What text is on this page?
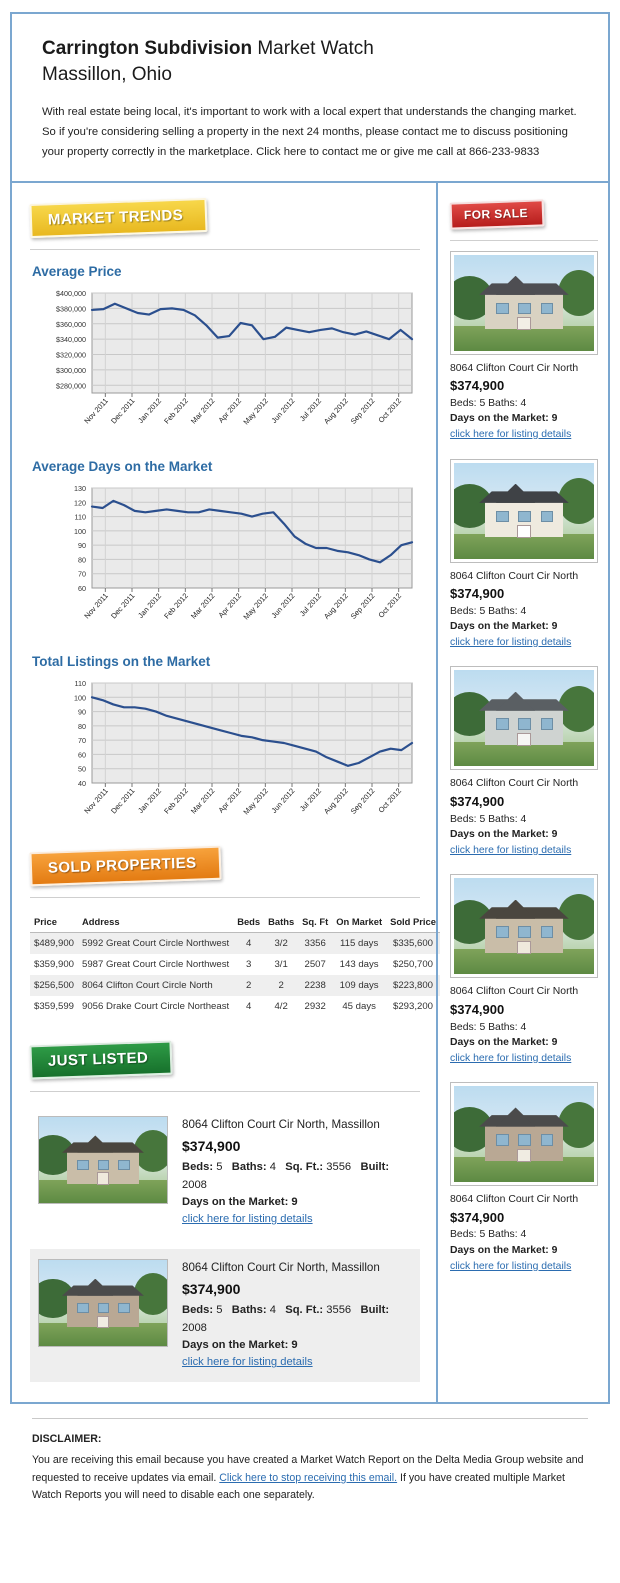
Carrington Subdivision Market Watch
Massillon, Ohio

With real estate being local, it's important to work with a local expert that understands the changing market. So if you're considering selling a property in the next 24 months, please contact me to discuss positioning your property correctly in the marketplace. Click here to contact me or give me call at 866-233-9833

MARKET TRENDS
Average Price
$280,000
$300,000
$320,000
$340,000
$360,000
$380,000
$400,000
Nov 2011 Dec 2011 Jan 2012 Feb 2012 Mar 2012 Apr 2012
May 2012 Jun 2012 Jul 2012
Aug 2012
Sep 2012 Oct 2012
Average Days on the Market
60
70
80
90
100
110
120
130
Nov 2011 Dec 2011 Jan 2012 Feb 2012 Mar 2012 Apr 2012
May 2012 Jun 2012 Jul 2012
Aug 2012
Sep 2012 Oct 2012
Total Listings on the Market
40
50
60
70
80
90
100
110
Nov 2011 Dec 2011 Jan 2012 Feb 2012 Mar 2012 Apr 2012
May 2012 Jun 2012 Jul 2012
Aug 2012
Sep 2012 Oct 2012
SOLD PROPERTIES
Price	Address	Beds	Baths	Sq. Ft	On Market	Sold Price
$489,900	5992 Great Court Circle Northwest	4	3/2	3356	115 days	$335,600
$359,900	5987 Great Court Circle Northwest	3	3/1	2507	143 days	$250,700
$256,500	8064 Clifton Court Circle North	2	2	2238	109 days	$223,800
$359,599	9056 Drake Court Circle Northeast	4	4/2	2932	45 days	$293,200
JUST LISTED
8064 Clifton Court Cir North, Massillon
$374,900
Beds: 5 Baths: 4 Sq. Ft.: 3556 Built: 2008
Days on the Market: 9
click here for listing details
8064 Clifton Court Cir North, Massillon
$374,900
Beds: 5 Baths: 4 Sq. Ft.: 3556 Built: 2008
Days on the Market: 9
click here for listing details
FOR SALE
8064 Clifton Court Cir North
$374,900
Beds: 5 Baths: 4
Days on the Market: 9
click here for listing details
8064 Clifton Court Cir North
$374,900
Beds: 5 Baths: 4
Days on the Market: 9
click here for listing details
8064 Clifton Court Cir North
$374,900
Beds: 5 Baths: 4
Days on the Market: 9
click here for listing details
8064 Clifton Court Cir North
$374,900
Beds: 5 Baths: 4
Days on the Market: 9
click here for listing details
8064 Clifton Court Cir North
$374,900
Beds: 5 Baths: 4
Days on the Market: 9
click here for listing details
DISCLAIMER:
You are receiving this email because you have created a Market Watch Report on the Delta Media Group website and requested to receive updates via email. Click here to stop receiving this email. If you have created multiple Market Watch Reports you will need to disable each one separately.
